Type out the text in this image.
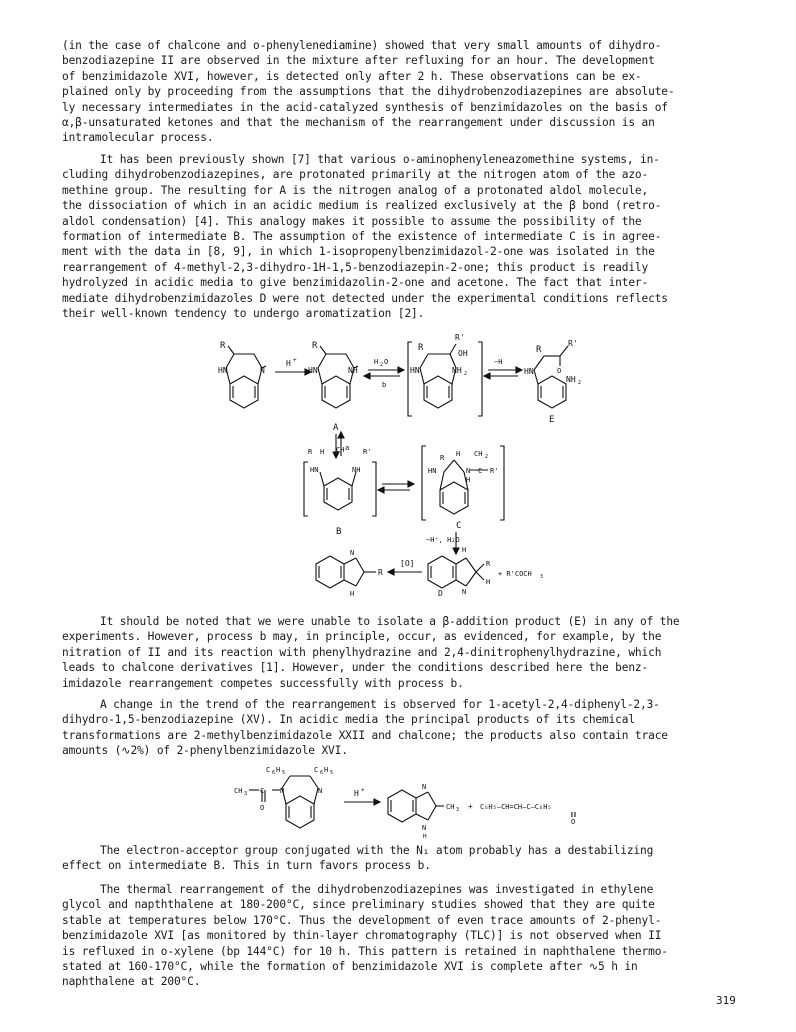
(in the case of chalcone and o-phenylenediamine) showed that very small amounts of dihydro-
benzodiazepine II are observed in the mixture after refluxing for an hour. The development
of benzimidazole XVI, however, is detected only after 2 h. These observations can be ex-
plained only by proceeding from the assumptions that the dihydrobenzodiazepines are absolute-
ly necessary intermediates in the acid-catalyzed synthesis of benzimidazoles on the basis of
α,β-unsaturated ketones and that the mechanism of the rearrangement under discussion is an
intramolecular process.
It has been previously shown [7] that various o-aminophenyleneazomethine systems, in-
cluding dihydrobenzodiazepines, are protonated primarily at the nitrogen atom of the azo-
methine group. The resulting for A is the nitrogen analog of a protonated aldol molecule,
the dissociation of which in an acidic medium is realized exclusively at the β bond (retro-
aldol condensation) [4]. This analogy makes it possible to assume the possibility of the
formation of intermediate B. The assumption of the existence of intermediate C is in agree-
ment with the data in [8, 9], in which 1-isopropenylbenzimidazol-2-one was isolated in the
rearrangement of 4-methyl-2,3-dihydro-1H-1,5-benzodiazepin-2-one; this product is readily
hydrolyzed in acidic media to give benzimidazolin-2-one and acetone. The fact that inter-
mediate dihydrobenzimidazoles D were not detected under the experimental conditions reflects
their well-known tendency to undergo aromatization [2].
R
HN	N
H +
R
HN	NH
A
H 2 O
b
R
R'
OH
HN	NH 2
−H
R
R'
O
HN
NH 2
E
a
R H CH	R'
HN	NH
B
R H CH 2
R'
C
N
HN
H
C
−H⁺, H₂O
R
N
H
[O]	R
H
H
N
D
+ R'COCH 3
It should be noted that we were unable to isolate a β-addition product (E) in any of the
experiments. However, process b may, in principle, occur, as evidenced, for example, by the
nitration of II and its reaction with phenylhydrazine and 2,4-dinitrophenylhydrazine, which
leads to chalcone derivatives [1]. However, under the conditions described here the benz-
imidazole rearrangement competes successfully with process b.
A change in the trend of the rearrangement is observed for 1-acetyl-2,4-diphenyl-2,3-
dihydro-1,5-benzodiazepine (XV). In acidic media the principal products of its chemical
transformations are 2-methylbenzimidazole XXII and chalcone; the products also contain trace
amounts (∿2%) of 2-phenylbenzimidazole XVI.
C 6 H 5	C 6 H 5
CH 3 C
O
N	N	H +
CH 3
N
N
H
+ C₆H₅—CH=CH—C—C₆H₅
O
The electron-acceptor group conjugated with the N₁ atom probably has a destabilizing
effect on intermediate B. This in turn favors process b.
The thermal rearrangement of the dihydrobenzodiazepines was investigated in ethylene
glycol and napththalene at 180-200°C, since preliminary studies showed that they are quite
stable at temperatures below 170°C. Thus the development of even trace amounts of 2-phenyl-
benzimidazole XVI [as monitored by thin-layer chromatography (TLC)] is not observed when II
is refluxed in o-xylene (bp 144°C) for 10 h. This pattern is retained in naphthalene thermo-
stated at 160-170°C, while the formation of benzimidazole XVI is complete after ∿5 h in
naphthalene at 200°C.
319
